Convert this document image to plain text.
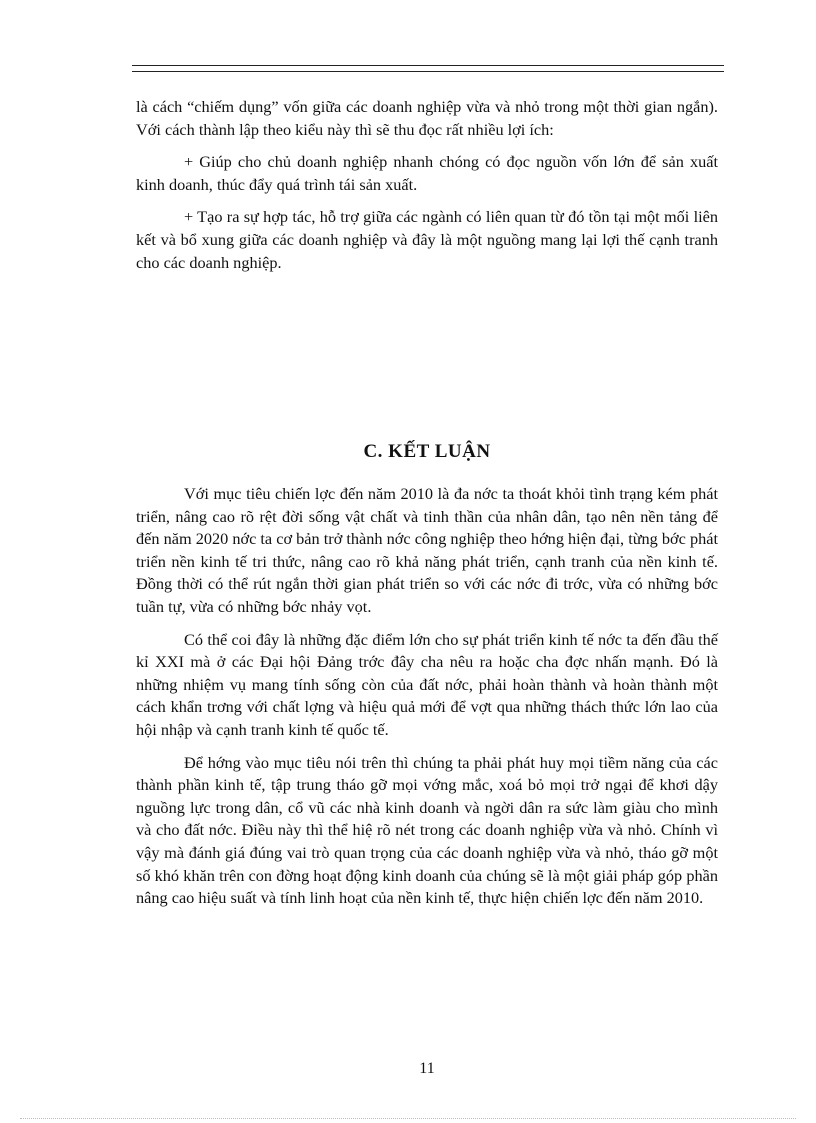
là cách “chiếm dụng” vốn giữa các doanh nghiệp vừa và nhỏ trong một thời gian ngắn). Với cách thành lập theo kiểu này thì sẽ thu đọc rất nhiều lợi ích:

+ Giúp cho chủ doanh nghiệp nhanh chóng có đọc nguồn vốn lớn để sản xuất kinh doanh, thúc đẩy quá trình tái sản xuất.

+ Tạo ra sự hợp tác, hỗ trợ giữa các ngành có liên quan từ đó tồn tại một mối liên kết và bổ xung giữa các doanh nghiệp và đây là một nguồng mang lại lợi thế cạnh tranh cho các doanh nghiệp.

C. KẾT LUẬN

Với mục tiêu chiến lợc đến năm 2010 là đa nớc ta thoát khỏi tình trạng kém phát triển, nâng cao rõ rệt đời sống vật chất và tinh thần của nhân dân, tạo nên nền tảng để đến năm 2020 nớc ta cơ bản trở thành nớc công nghiệp theo hớng hiện đại, từng bớc phát triển nền kinh tế tri thức, nâng cao rõ khả năng phát triển, cạnh tranh của nền kinh tế. Đồng thời có thể rút ngắn thời gian phát triển so với các nớc đi trớc, vừa có những bớc tuần tự, vừa có những bớc nhảy vọt.

Có thể coi đây là những đặc điểm lớn cho sự phát triển kinh tế nớc ta đến đầu thế kỉ XXI mà ở các Đại hội Đảng trớc đây cha nêu ra hoặc cha đợc nhấn mạnh. Đó là những nhiệm vụ mang tính sống còn của đất nớc, phải hoàn thành và hoàn thành một cách khẩn trơng với chất lợng và hiệu quả mới để vợt qua những thách thức lớn lao của hội nhập và cạnh tranh kinh tế quốc tế.

Để hớng vào mục tiêu nói trên thì chúng ta phải phát huy mọi tiềm năng của các thành phần kinh tế, tập trung tháo gỡ mọi vớng mắc, xoá bỏ mọi trở ngại để khơi dậy nguồng lực trong dân, cổ vũ các nhà kinh doanh và ngời dân ra sức làm giàu cho mình và cho đất nớc. Điều này thì thể hiệ rõ nét trong các doanh nghiệp vừa và nhỏ. Chính vì vậy mà đánh giá đúng vai trò quan trọng của các doanh nghiệp vừa và nhỏ, tháo gỡ một số khó khăn trên con đờng hoạt động kinh doanh của chúng sẽ là một giải pháp góp phần nâng cao hiệu suất và tính linh hoạt của nền kinh tế, thực hiện chiến lợc đến năm 2010.

11
